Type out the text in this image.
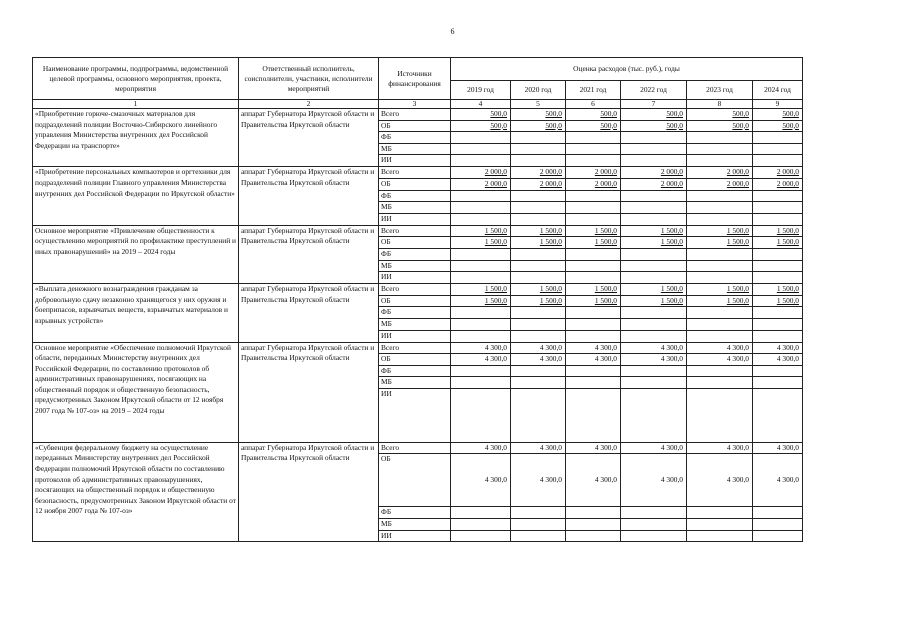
6
Наименование программы, подпрограммы, ведомственной целевой программы, основного мероприятия, проекта, мероприятия	Ответственный исполнитель, соисполнители, участники, исполнители мероприятий	Источники финансирования	Оценка расходов (тыс. руб.), годы					
			2019 год	2020 год	2021 год	2022 год	2023 год	2024 год
1	2	3	4	5	6	7	8	9
«Приобретение горюче-смазочных материалов для подразделений полиции Восточно-Сибирского линейного управления Министерства внутренних дел Российской Федерации на транспорте»	аппарат Губернатора Иркутской области и Правительства Иркутской области	Всего	500,0	500,0	500,0	500,0	500,0	500,0
		ОБ	500,0	500,0	500,0	500,0	500,0	500,0
		ФБ						
		МБ						
		ИИ						
«Приобретение персональных компьютеров и оргтехники для подразделений полиции Главного управления Министерства внутренних дел Российской Федерации по Иркутской области»	аппарат Губернатора Иркутской области и Правительства Иркутской области	Всего	2 000,0	2 000,0	2 000,0	2 000,0	2 000,0	2 000,0
		ОБ	2 000,0	2 000,0	2 000,0	2 000,0	2 000,0	2 000,0
		ФБ						
		МБ						
		ИИ						
Основное мероприятие «Привлечение общественности к осуществлению мероприятий по профилактике преступлений и иных правонарушений» на 2019 – 2024 годы	аппарат Губернатора Иркутской области и Правительства Иркутской области	Всего	1 500,0	1 500,0	1 500,0	1 500,0	1 500,0	1 500,0
		ОБ	1 500,0	1 500,0	1 500,0	1 500,0	1 500,0	1 500,0
		ФБ						
		МБ						
		ИИ						
«Выплата денежного вознаграждения гражданам за добровольную сдачу незаконно хранящегося у них оружия и боеприпасов, взрывчатых веществ, взрывчатых материалов и взрывных устройств»	аппарат Губернатора Иркутской области и Правительства Иркутской области	Всего	1 500,0	1 500,0	1 500,0	1 500,0	1 500,0	1 500,0
		ОБ	1 500,0	1 500,0	1 500,0	1 500,0	1 500,0	1 500,0
		ФБ						
		МБ						
		ИИ						
Основное мероприятие «Обеспечение полномочий Иркутской области, переданных Министерству внутренних дел Российской Федерации, по составлению протоколов об административных правонарушениях, посягающих на общественный порядок и общественную безопасность, предусмотренных Законом Иркутской области от 12 ноября 2007 года № 107-оз» на 2019 – 2024 годы	аппарат Губернатора Иркутской области и Правительства Иркутской области	Всего	4 300,0	4 300,0	4 300,0	4 300,0	4 300,0	4 300,0
		ОБ	4 300,0	4 300,0	4 300,0	4 300,0	4 300,0	4 300,0
		ФБ						
		МБ						
		ИИ						
«Субвенция федеральному бюджету на осуществление переданных Министерству внутренних дел Российской Федерации полномочий Иркутской области по составлению протоколов об административных правонарушениях, посягающих на общественный порядок и общественную безопасность, предусмотренных Законом Иркутской области от 12 ноября 2007 года № 107-оз»	аппарат Губернатора Иркутской области и Правительства Иркутской области	Всего	4 300,0	4 300,0	4 300,0	4 300,0	4 300,0	4 300,0
		ОБ	4 300,0	4 300,0	4 300,0	4 300,0	4 300,0	4 300,0
		ФБ						
		МБ						
		ИИ						
